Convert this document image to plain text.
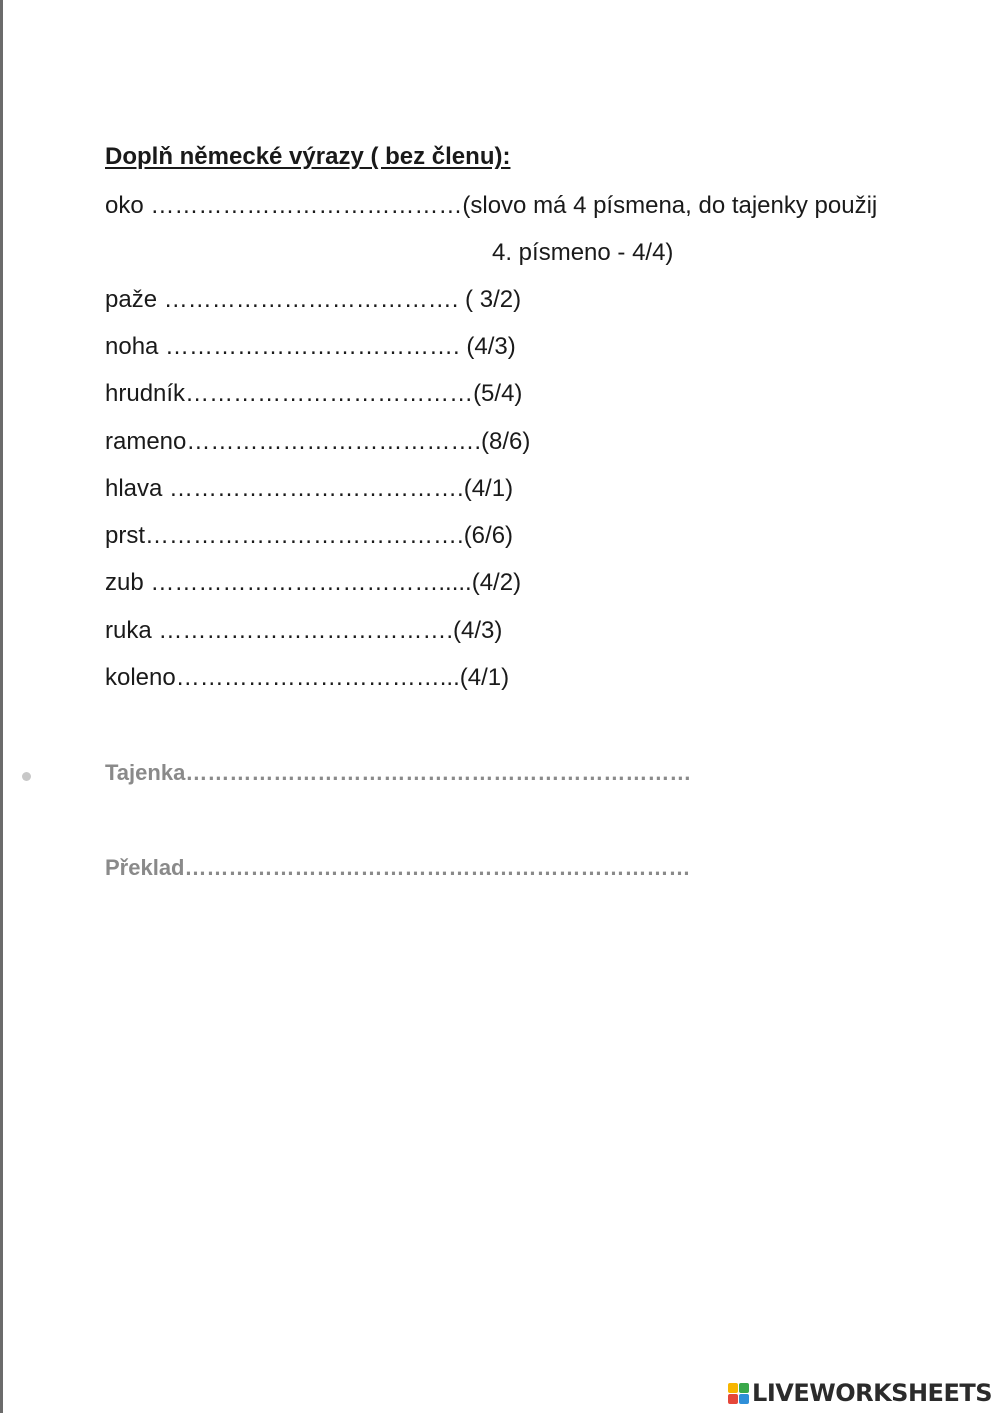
Doplň německé výrazy ( bez členu):
oko …………………………………(slovo má 4 písmena, do tajenky použij
4. písmeno - 4/4)
paže ………………………………. ( 3/2)
noha ………………………………. (4/3)
hrudník………………………………(5/4)
rameno……………………………….(8/6)
hlava ……………………………….(4/1)
prst………………………………….(6/6)
zub ……………………………….....(4/2)
ruka ……………………………….(4/3)
koleno……………………………...(4/1)
Tajenka……………………………………………………………
Překlad……………………………………………………………
LIVEWORKSHEETS
